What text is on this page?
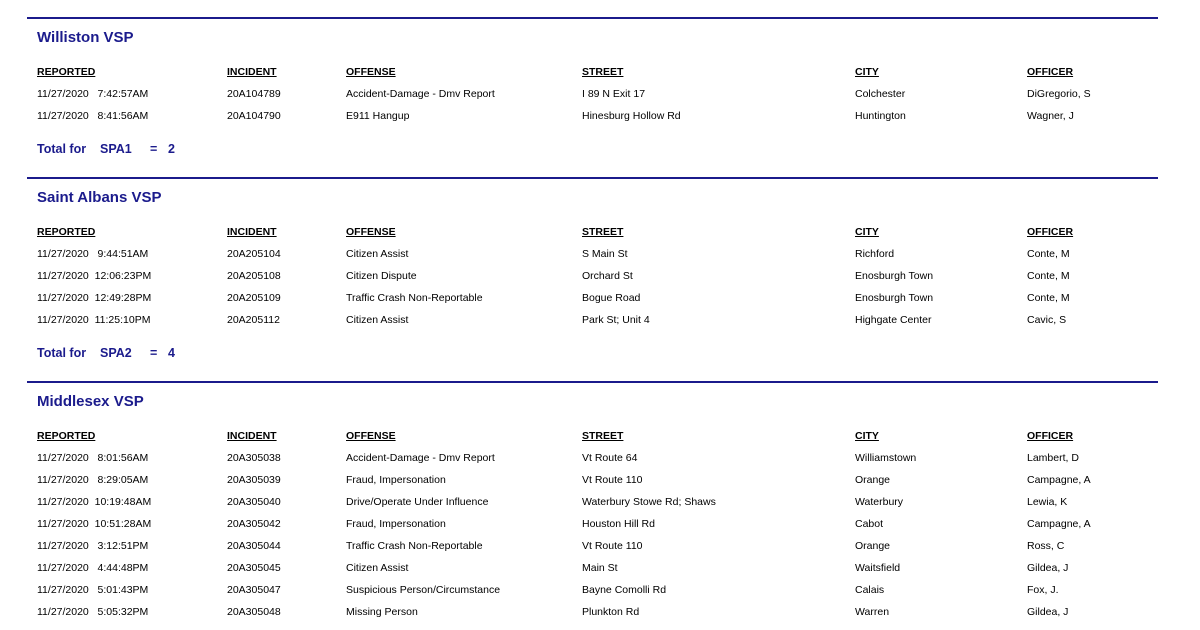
Williston VSP
REPORTED	INCIDENT	OFFENSE	STREET	CITY	OFFICER
11/27/2020   7:42:57AM	20A104789	Accident-Damage - Dmv Report	I 89 N Exit 17	Colchester	DiGregorio, S
11/27/2020   8:41:56AM	20A104790	E911 Hangup	Hinesburg Hollow Rd	Huntington	Wagner, J
Total for SPA1 = 2
Saint Albans VSP
REPORTED	INCIDENT	OFFENSE	STREET	CITY	OFFICER
11/27/2020   9:44:51AM	20A205104	Citizen Assist	S Main St	Richford	Conte, M
11/27/2020  12:06:23PM	20A205108	Citizen Dispute	Orchard St	Enosburgh Town	Conte, M
11/27/2020  12:49:28PM	20A205109	Traffic Crash Non-Reportable	Bogue Road	Enosburgh Town	Conte, M
11/27/2020  11:25:10PM	20A205112	Citizen Assist	Park St; Unit 4	Highgate Center	Cavic, S
Total for SPA2 = 4
Middlesex VSP
REPORTED	INCIDENT	OFFENSE	STREET	CITY	OFFICER
11/27/2020   8:01:56AM	20A305038	Accident-Damage - Dmv Report	Vt Route 64	Williamstown	Lambert, D
11/27/2020   8:29:05AM	20A305039	Fraud, Impersonation	Vt Route 110	Orange	Campagne, A
11/27/2020  10:19:48AM	20A305040	Drive/Operate Under Influence	Waterbury Stowe Rd; Shaws	Waterbury	Lewia, K
11/27/2020  10:51:28AM	20A305042	Fraud, Impersonation	Houston Hill Rd	Cabot	Campagne, A
11/27/2020   3:12:51PM	20A305044	Traffic Crash Non-Reportable	Vt Route 110	Orange	Ross, C
11/27/2020   4:44:48PM	20A305045	Citizen Assist	Main St	Waitsfield	Gildea, J
11/27/2020   5:01:43PM	20A305047	Suspicious Person/Circumstance	Bayne Comolli Rd	Calais	Fox, J.
11/27/2020   5:05:32PM	20A305048	Missing Person	Plunkton Rd	Warren	Gildea, J
